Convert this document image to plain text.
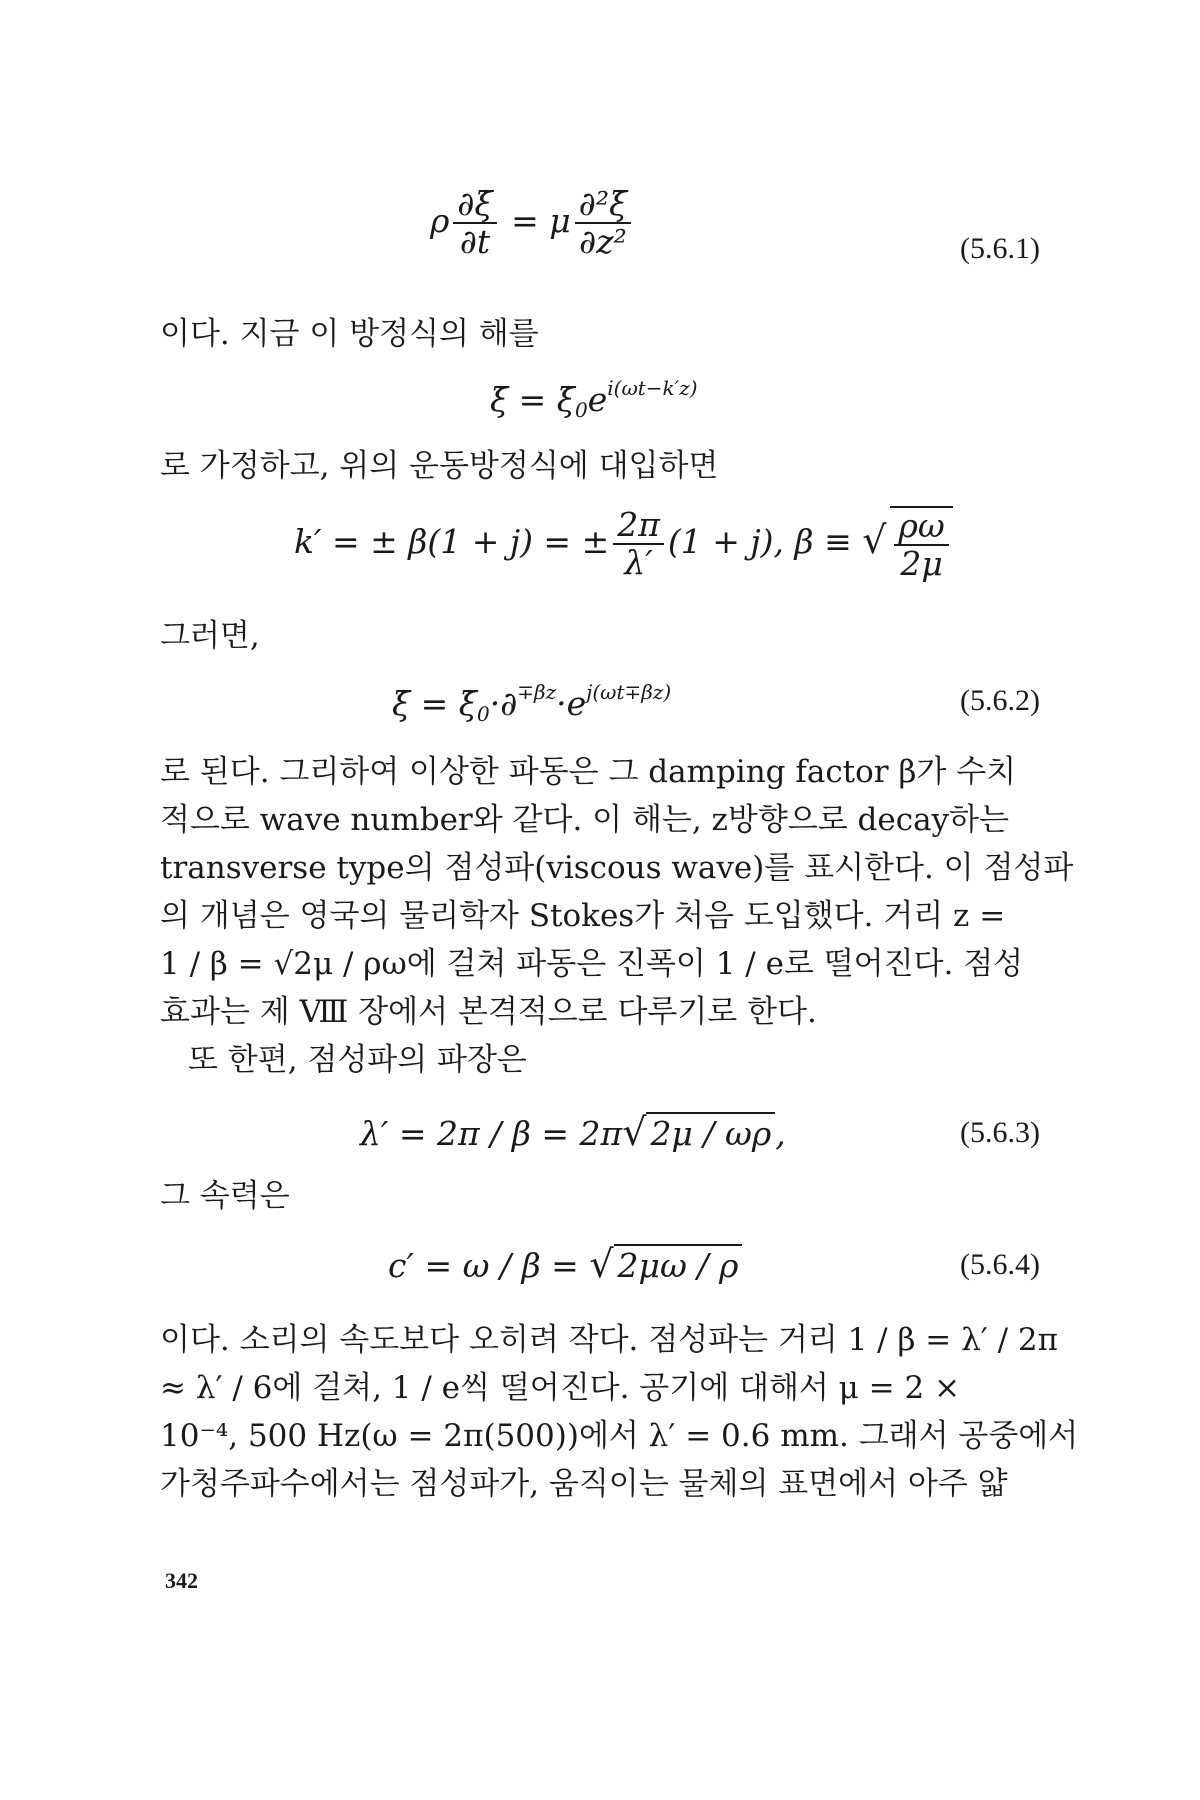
ρ $\frac{\partial\xi̇}{\partial t} = \mu \frac{\text{∂²ξ̇}}{\text{∂z²}}$	(5.6.1)

이다. 지금 이 방정식의 해를

ξ̇ = $\xi̇_0e^{i(\omega t-k'z)}$

로 가정하고, 위의 운동방정식에 대입하면

k′ = ± β(1 + j) = ± $\frac{2\pi}{\lambda'} (1 + j)$, β ≡ √ $\frac{\rho\omega}{2\mu}$

그러면,

ξ̇ = $\xi̇_0\cdot\partial^{\mp\beta z}\cdot e^{j(\omega t\mp\beta z)}$	(5.6.2)

로 된다. 그리하여 이상한 파동은 그 damping factor β가 수치

적으로 wave number와 같다. 이 해는, z방향으로 decay하는

transverse type의 점성파(viscous wave)를 표시한다. 이 점성파

의 개념은 영국의 물리학자 Stokes가 처음 도입했다. 거리 z =

1 / β = √2μ / ρω에 걸쳐 파동은 진폭이 1 / e로 떨어진다. 점성

효과는 제 Ⅷ 장에서 본격적으로 다루기로 한다.

또 한편, 점성파의 파장은

λ′ = 2π / β = 2π√ 2μ / ωρ ,	(5.6.3)

그 속력은

c′ = ω / β = √ 2μω / ρ	(5.6.4)

이다. 소리의 속도보다 오히려 작다. 점성파는 거리 1 / β = λ′ / 2π

≈ λ′ / 6에 걸쳐, 1 / e씩 떨어진다. 공기에 대해서 μ = 2 ×

10⁻⁴, 500 Hz(ω = 2π(500))에서 λ′ = 0.6 mm. 그래서 공중에서

가청주파수에서는 점성파가, 움직이는 물체의 표면에서 아주 얇

342
